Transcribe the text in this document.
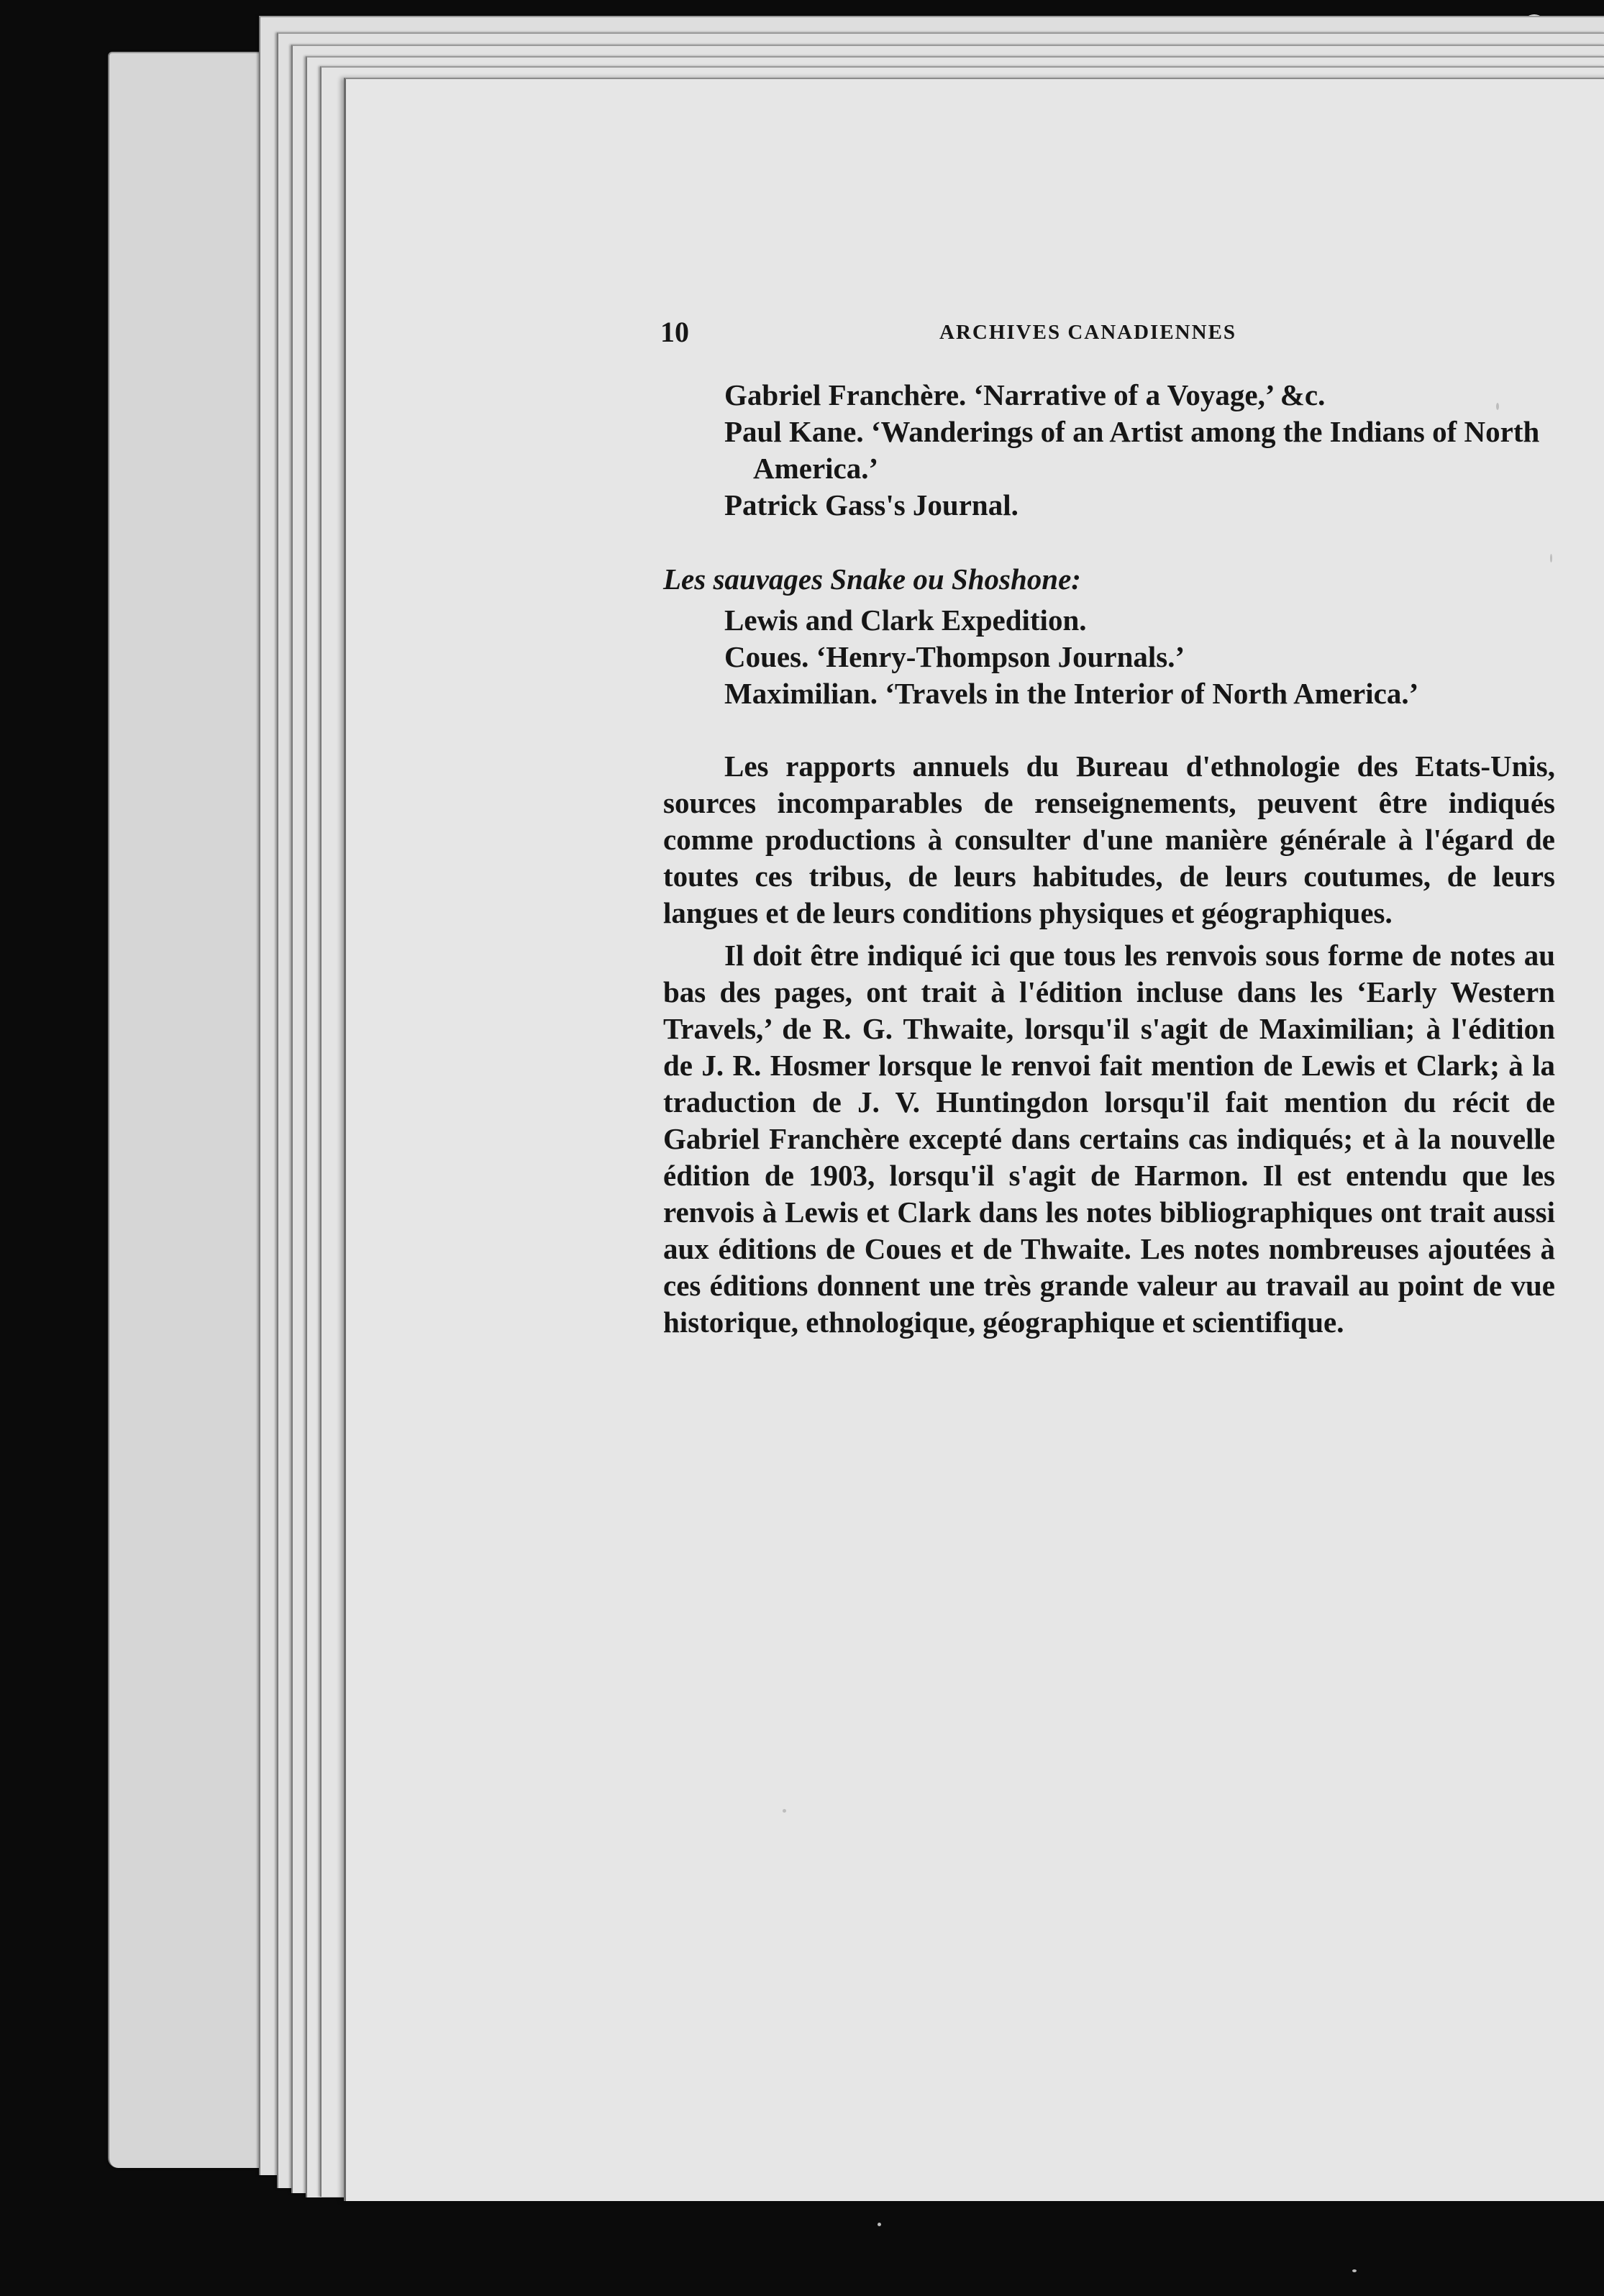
10	ARCHIVES CANADIENNES
Gabriel Franchère. ‘Narrative of a Voyage,’ &c.
Paul Kane. ‘Wanderings of an Artist among the Indians of North America.’
Patrick Gass's Journal.
Les sauvages Snake ou Shoshone:
Lewis and Clark Expedition.
Coues. ‘Henry-Thompson Journals.’
Maximilian. ‘Travels in the Interior of North America.’

Les rapports annuels du Bureau d'ethnologie des Etats-Unis, sources incomparables de renseignements, peuvent être indiqués comme productions à consulter d'une manière générale à l'égard de toutes ces tribus, de leurs habitudes, de leurs coutumes, de leurs langues et de leurs conditions physiques et géographiques.

Il doit être indiqué ici que tous les renvois sous forme de notes au bas des pages, ont trait à l'édition incluse dans les ‘Early Western Travels,’ de R. G. Thwaite, lorsqu'il s'agit de Maximilian; à l'édition de J. R. Hosmer lorsque le renvoi fait mention de Lewis et Clark; à la traduction de J. V. Huntingdon lorsqu'il fait mention du récit de Gabriel Franchère excepté dans certains cas indiqués; et à la nouvelle édition de 1903, lorsqu'il s'agit de Harmon. Il est entendu que les renvois à Lewis et Clark dans les notes bibliographiques ont trait aussi aux éditions de Coues et de Thwaite. Les notes nombreuses ajoutées à ces éditions donnent une très grande valeur au travail au point de vue historique, ethnologique, géographique et scientifique.
